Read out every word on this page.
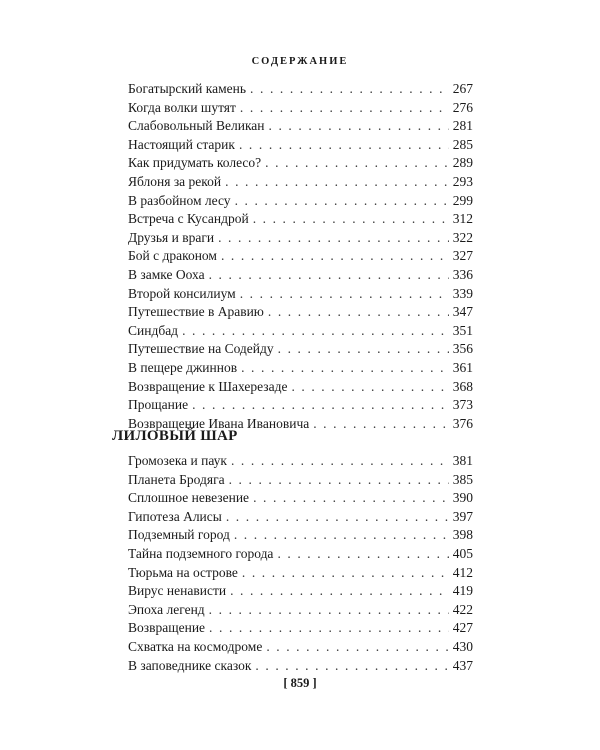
СОДЕРЖАНИЕ
Богатырский камень . . .	267
Когда волки шутят . . .	276
Слабовольный Великан . . .	281
Настоящий старик . . .	285
Как придумать колесо? . . .	289
Яблоня за рекой . . .	293
В разбойном лесу . . .	299
Встреча с Кусандрой . . .	312
Друзья и враги . . .	322
Бой с драконом . . .	327
В замке Ооха . . .	336
Второй консилиум . . .	339
Путешествие в Аравию . . .	347
Синдбад . . .	351
Путешествие на Содейду . . .	356
В пещере джиннов . . .	361
Возвращение к Шахерезаде . . .	368
Прощание . . .	373
Возвращение Ивана Ивановича . . .	376
ЛИЛОВЫЙ ШАР
Громозека и паук . . .	381
Планета Бродяга . . .	385
Сплошное невезение . . .	390
Гипотеза Алисы . . .	397
Подземный город . . .	398
Тайна подземного города . . .	405
Тюрьма на острове . . .	412
Вирус ненависти . . .	419
Эпоха легенд . . .	422
Возвращение . . .	427
Схватка на космодроме . . .	430
В заповеднике сказок . . .	437
[ 859 ]
